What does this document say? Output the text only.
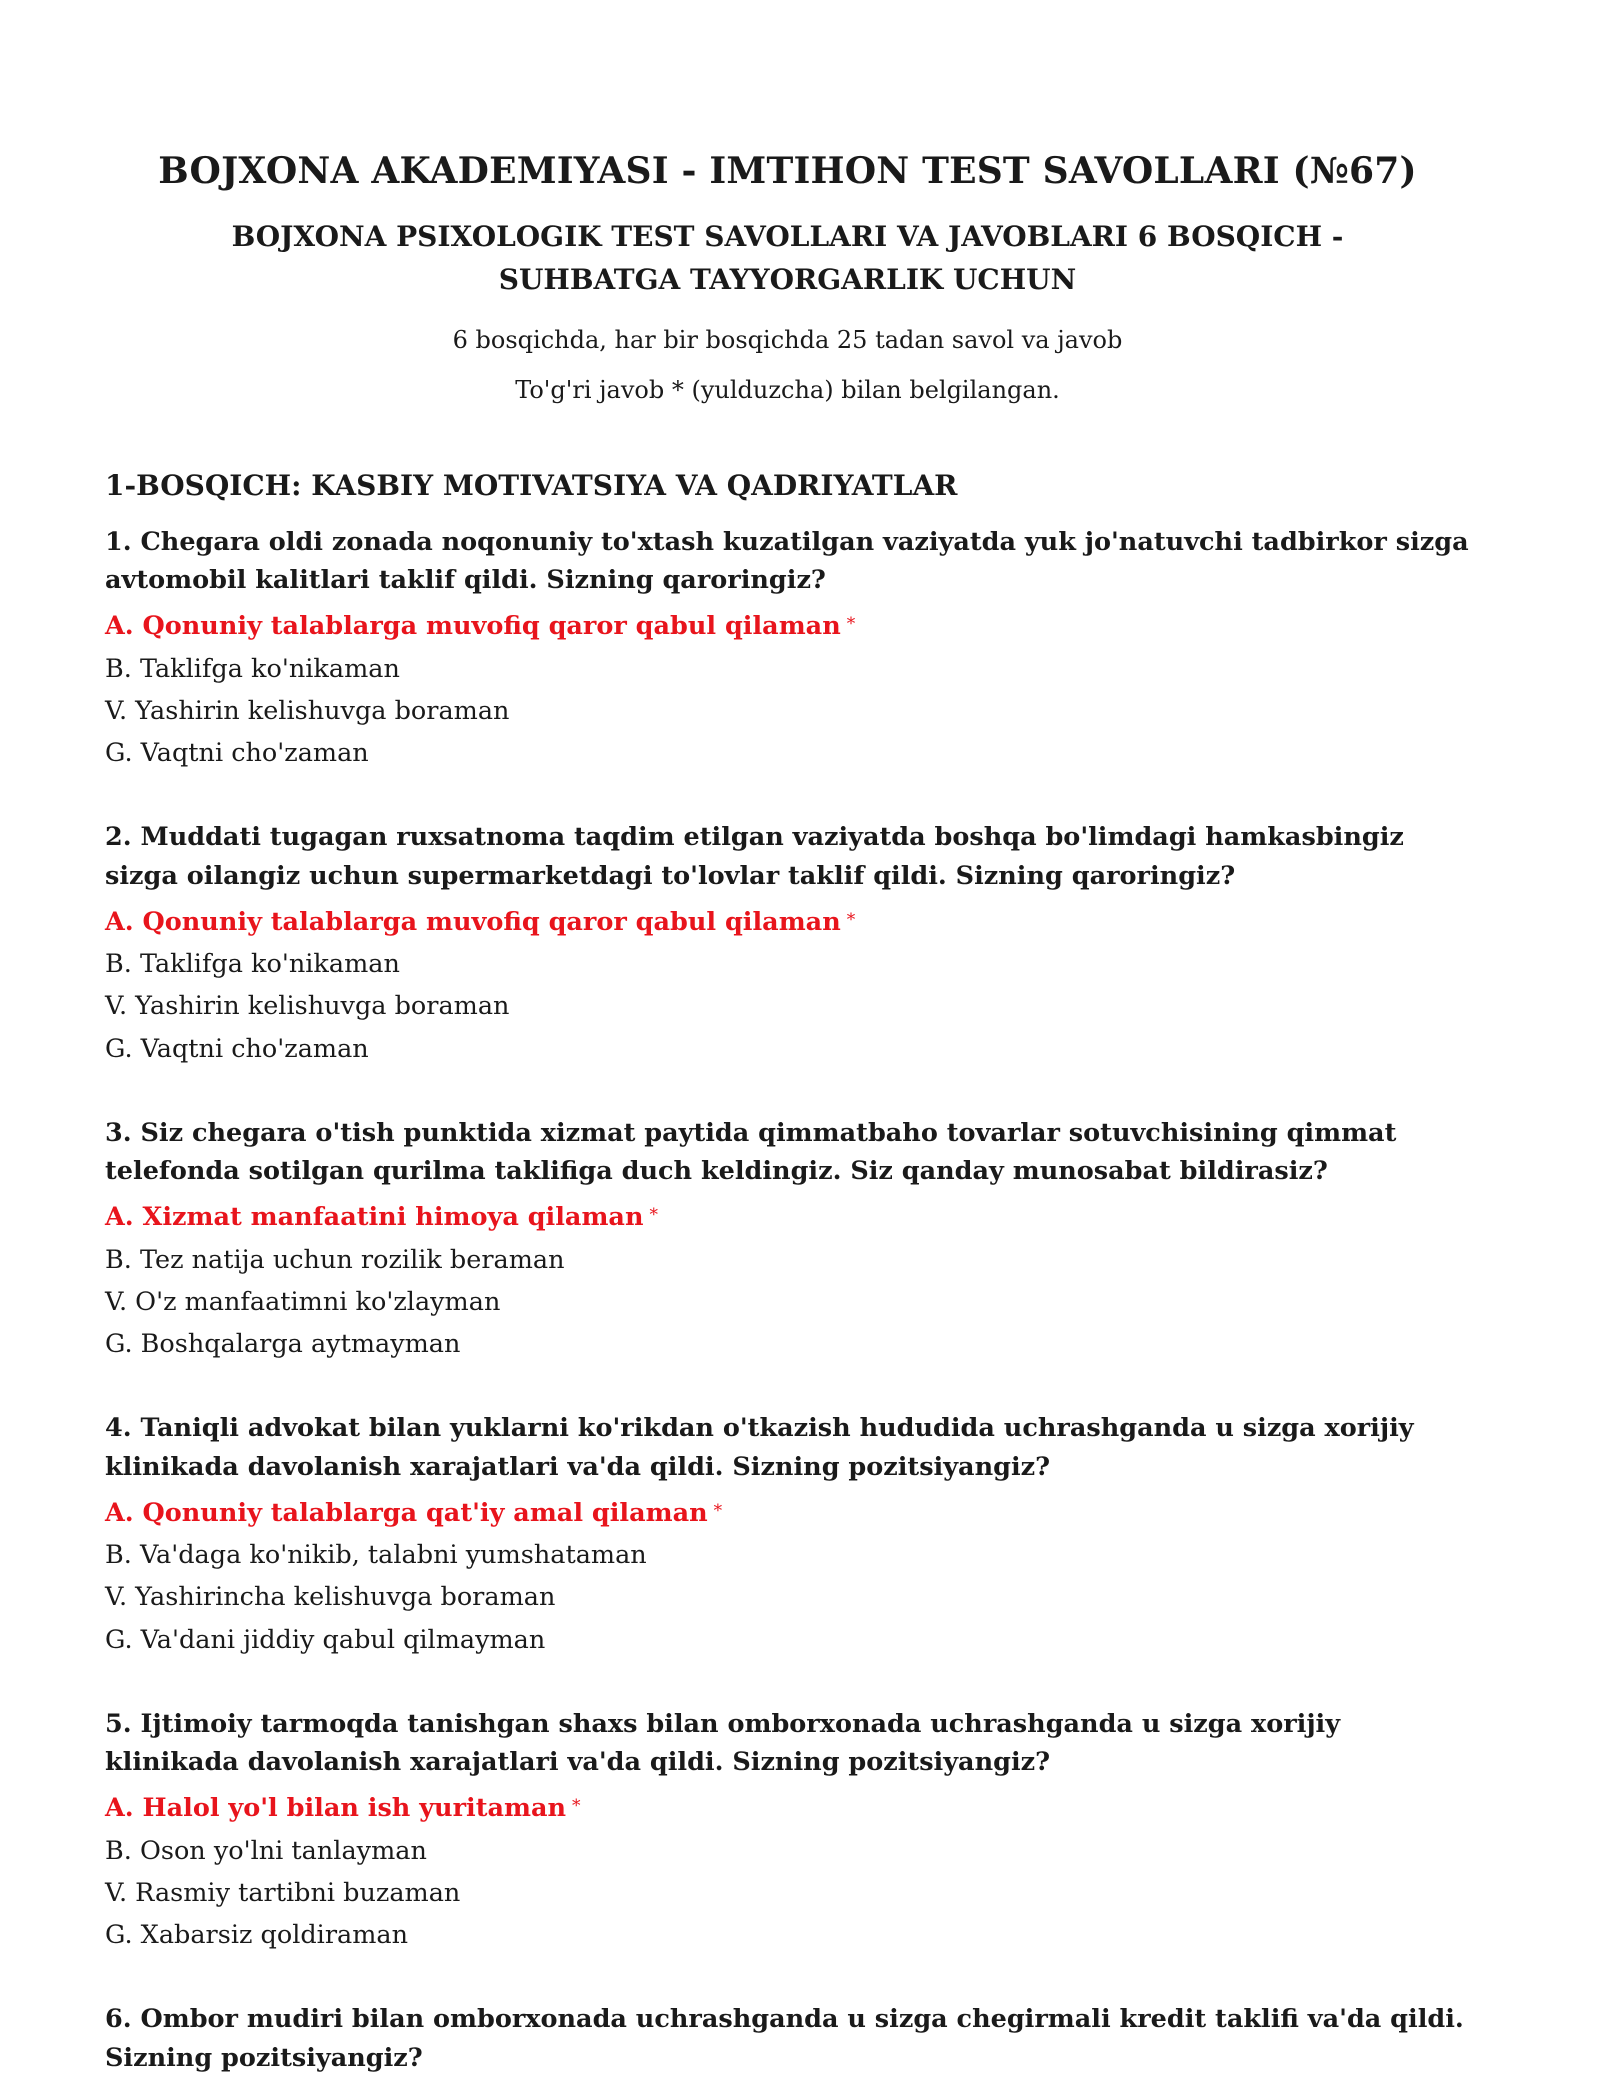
BOJXONA AKADEMIYASI - IMTIHON TEST SAVOLLARI (№67)
BOJXONA PSIXOLOGIK TEST SAVOLLARI VA JAVOBLARI 6 BOSQICH - SUHBATGA TAYYORGARLIK UCHUN
6 bosqichda, har bir bosqichda 25 tadan savol va javob
To'g'ri javob * (yulduzcha) bilan belgilangan.
1-BOSQICH: KASBIY MOTIVATSIYA VA QADRIYATLAR
1. Chegara oldi zonada noqonuniy to'xtash kuzatilgan vaziyatda yuk jo'natuvchi tadbirkor sizga avtomobil kalitlari taklif qildi. Sizning qaroringiz?
A. Qonuniy talablarga muvofiq qaror qabul qilaman *
B. Taklifga ko'nikaman
V. Yashirin kelishuvga boraman
G. Vaqtni cho'zaman
2. Muddati tugagan ruxsatnoma taqdim etilgan vaziyatda boshqa bo'limdagi hamkasbingiz sizga oilangiz uchun supermarketdagi to'lovlar taklif qildi. Sizning qaroringiz?
A. Qonuniy talablarga muvofiq qaror qabul qilaman *
B. Taklifga ko'nikaman
V. Yashirin kelishuvga boraman
G. Vaqtni cho'zaman
3. Siz chegara o'tish punktida xizmat paytida qimmatbaho tovarlar sotuvchisining qimmat telefonda sotilgan qurilma taklifiga duch keldingiz. Siz qanday munosabat bildirasiz?
A. Xizmat manfaatini himoya qilaman *
B. Tez natija uchun rozilik beraman
V. O'z manfaatimni ko'zlayman
G. Boshqalarga aytmayman
4. Taniqli advokat bilan yuklarni ko'rikdan o'tkazish hududida uchrashganda u sizga xorijiy klinikada davolanish xarajatlari va'da qildi. Sizning pozitsiyangiz?
A. Qonuniy talablarga qat'iy amal qilaman *
B. Va'daga ko'nikib, talabni yumshataman
V. Yashirincha kelishuvga boraman
G. Va'dani jiddiy qabul qilmayman
5. Ijtimoiy tarmoqda tanishgan shaxs bilan omborxonada uchrashganda u sizga xorijiy klinikada davolanish xarajatlari va'da qildi. Sizning pozitsiyangiz?
A. Halol yo'l bilan ish yuritaman *
B. Oson yo'lni tanlayman
V. Rasmiy tartibni buzaman
G. Xabarsiz qoldiraman
6. Ombor mudiri bilan omborxonada uchrashganda u sizga chegirmali kredit taklifi va'da qildi. Sizning pozitsiyangiz?
